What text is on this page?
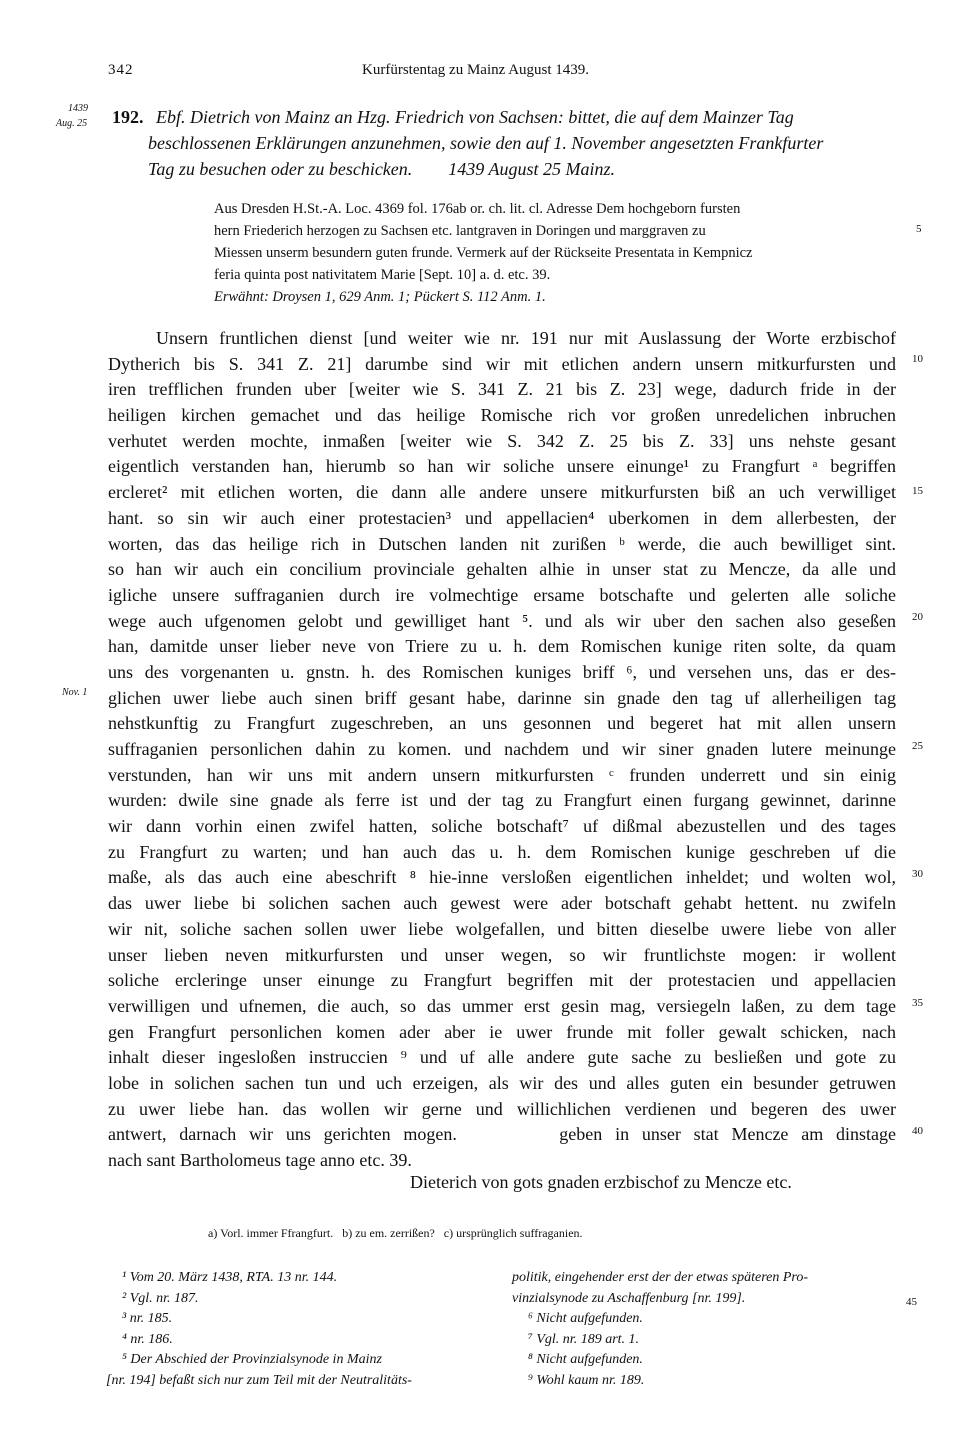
342	Kurfürstentag zu Mainz August 1439.
1439
Aug. 25 192. Ebf. Dietrich von Mainz an Hzg. Friedrich von Sachsen: bittet, die auf dem Mainzer Tag
beschlossenen Erklärungen anzunehmen, sowie den auf 1. November angesetzten Frankfurter
Tag zu besuchen oder zu beschicken.        1439 August 25 Mainz.
Aus Dresden H.St.-A. Loc. 4369 fol. 176ab or. ch. lit. cl. Adresse Dem hochgeborn fursten
hern Friederich herzogen zu Sachsen etc. lantgraven in Doringen und marggraven zu
Miessen unserm besundern guten frunde. Vermerk auf der Rückseite Presentata in Kempnicz
feria quinta post nativitatem Marie [Sept. 10] a. d. etc. 39.
Erwähnt: Droysen 1, 629 Anm. 1; Pückert S. 112 Anm. 1.
5
Unsern fruntlichen dienst [und weiter wie nr. 191 nur mit Auslassung der Worte erzbischof
Dytherich bis S. 341 Z. 21] darumbe sind wir mit etlichen andern unsern mitkurfursten und
iren trefflichen frunden uber [weiter wie S. 341 Z. 21 bis Z. 23] wege, dadurch fride in der
heiligen kirchen gemachet und das heilige Romische rich vor großen unredelichen inbruchen
verhutet werden mochte, inmaßen [weiter wie S. 342 Z. 25 bis Z. 33] uns nehste gesant
eigentlich verstanden han, hierumb so han wir soliche unsere einunge¹ zu Frangfurt ᵃ begriffen
ercleret² mit etlichen worten, die dann alle andere unsere mitkurfursten biß an uch verwilliget
hant. so sin wir auch einer protestacien³ und appellacien⁴ uberkomen in dem allerbesten, der
worten, das das heilige rich in Dutschen landen nit zurißen ᵇ werde, die auch bewilliget sint.
so han wir auch ein concilium provinciale gehalten alhie in unser stat zu Mencze, da alle und
igliche unsere suffraganien durch ire volmechtige ersame botschafte und gelerten alle soliche
wege auch ufgenomen gelobt und gewilliget hant ⁵. und als wir uber den sachen also geseßen
han, damitde unser lieber neve von Triere zu u. h. dem Romischen kunige riten solte, da quam
uns des vorgenanten u. gnstn. h. des Romischen kuniges briff ⁶, und versehen uns, das er des-
glichen uwer liebe auch sinen briff gesant habe, darinne sin gnade den tag uf allerheiligen tag
nehstkunftig zu Frangfurt zugeschreben, an uns gesonnen und begeret hat mit allen unsern
suffraganien personlichen dahin zu komen. und nachdem und wir siner gnaden lutere meinunge
verstunden, han wir uns mit andern unsern mitkurfursten ᶜ frunden underrett und sin einig
wurden: dwile sine gnade als ferre ist und der tag zu Frangfurt einen furgang gewinnet, darinne
wir dann vorhin einen zwifel hatten, soliche botschaft⁷ uf dißmal abezustellen und des tages
zu Frangfurt zu warten; und han auch das u. h. dem Romischen kunige geschreben uf die
maße, als das auch eine abeschrift ⁸ hie-inne versloßen eigentlichen inheldet; und wolten wol,
das uwer liebe bi solichen sachen auch gewest were ader botschaft gehabt hettent. nu zwifeln
wir nit, soliche sachen sollen uwer liebe wolgefallen, und bitten dieselbe uwere liebe von aller
unser lieben neven mitkurfursten und unser wegen, so wir fruntlichste mogen: ir wollent
soliche ercleringe unser einunge zu Frangfurt begriffen mit der protestacien und appellacien
verwilligen und ufnemen, die auch, so das ummer erst gesin mag, versiegeln laßen, zu dem tage
gen Frangfurt personlichen komen ader aber ie uwer frunde mit foller gewalt schicken, nach
inhalt dieser ingesloßen instruccien ⁹ und uf alle andere gute sache zu besließen und gote zu
lobe in solichen sachen tun und uch erzeigen, als wir des und alles guten ein besunder getruwen
zu uwer liebe han. das wollen wir gerne und willichlichen verdienen und begeren des uwer
antwert, darnach wir uns gerichten mogen.        geben in unser stat Mencze am dinstage
nach sant Bartholomeus tage anno etc. 39.
Dieterich von gots gnaden erzbischof zu Mencze etc.
Nov. 1
10
15
20
25
30
35
40
a) Vorl. immer Ffrangfurt.   b) zu em. zerrißen?   c) ursprünglich suffraganien.
¹ Vom 20. März 1438, RTA. 13 nr. 144.
² Vgl. nr. 187.
³ nr. 185.
⁴ nr. 186.
⁵ Der Abschied der Provinzialsynode in Mainz
[nr. 194] befaßt sich nur zum Teil mit der Neutralitäts-
politik, eingehender erst der der etwas späteren Pro-
vinzialsynode zu Aschaffenburg [nr. 199].
⁶ Nicht aufgefunden.
⁷ Vgl. nr. 189 art. 1.
⁸ Nicht aufgefunden.
⁹ Wohl kaum nr. 189.
45
